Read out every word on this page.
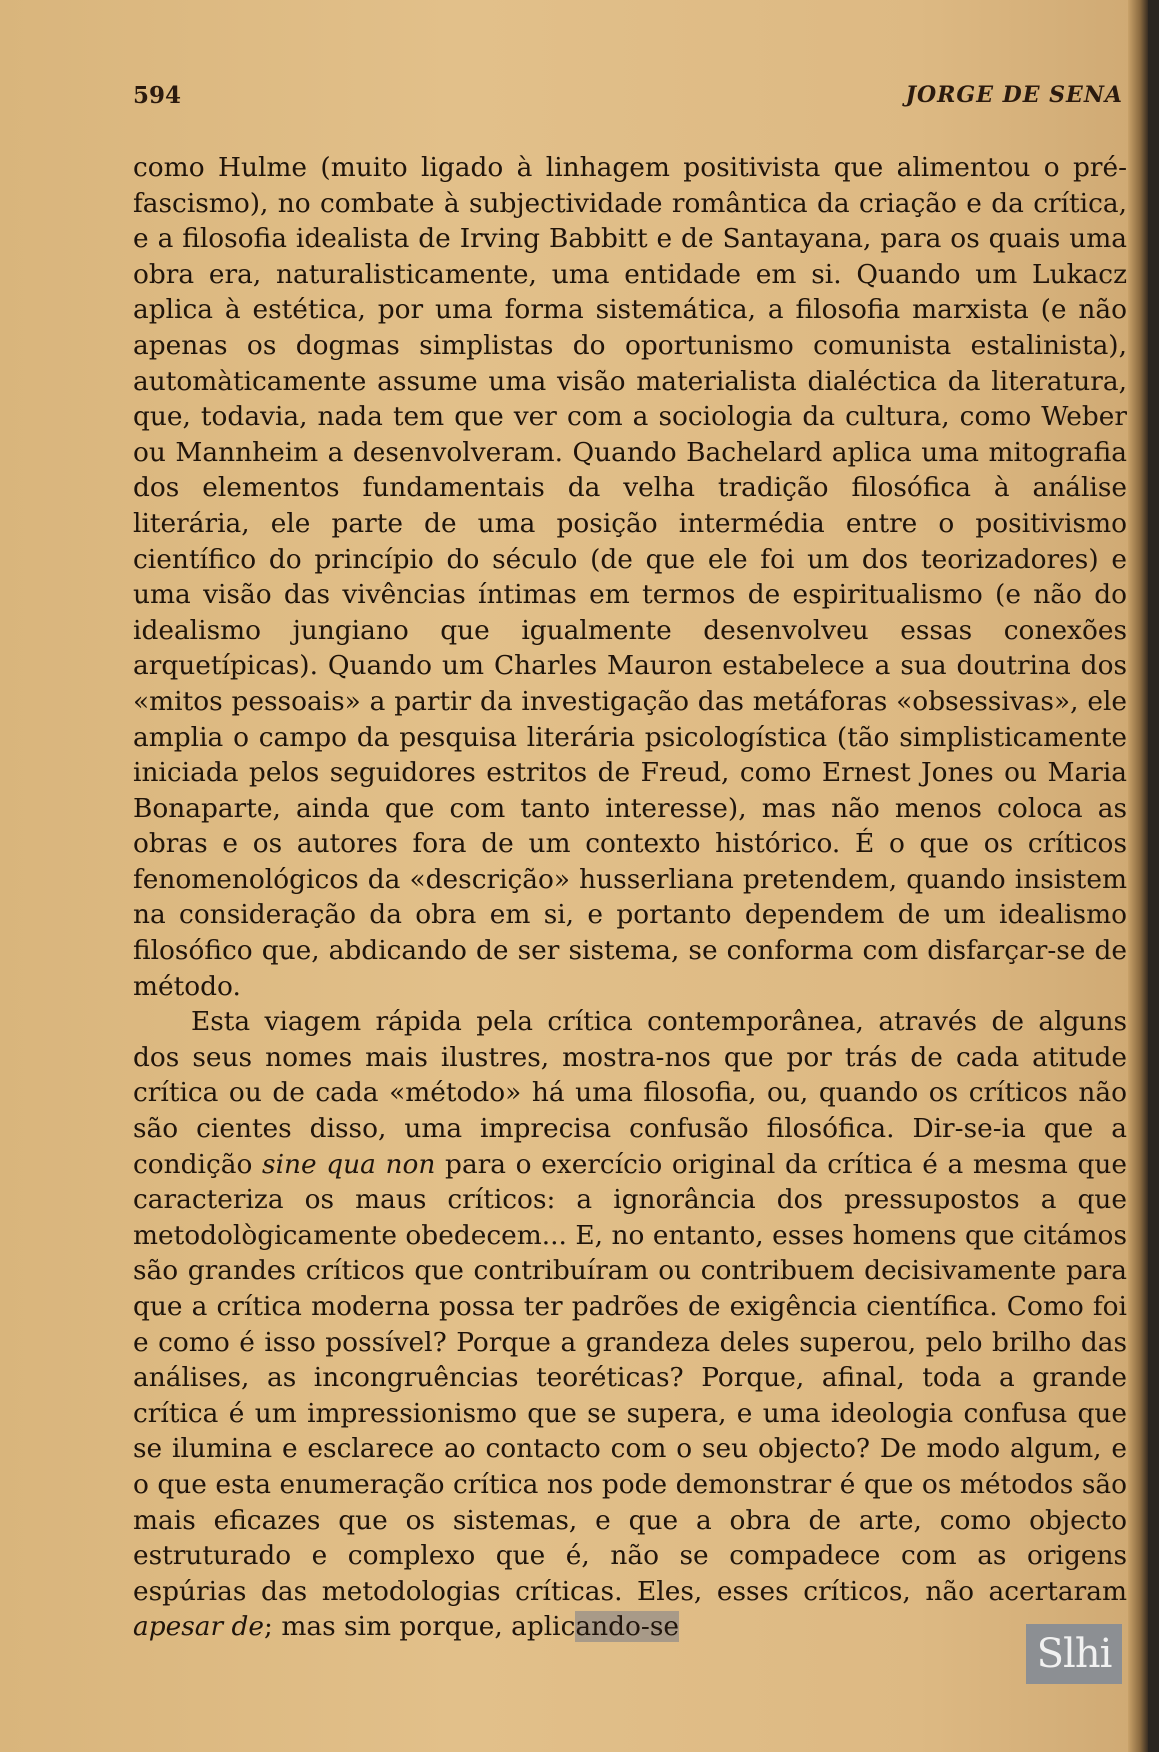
594	JORGE DE SENA

como Hulme (muito ligado à linhagem positivista que alimentou o pré-fascismo), no combate à subjectividade romântica da criação e da crítica, e a filosofia idealista de Irving Babbitt e de Santayana, para os quais uma obra era, naturalisticamente, uma entidade em si. Quando um Lukacz aplica à estética, por uma forma sistemática, a filosofia marxista (e não apenas os dogmas simplistas do oportunismo comunista estalinista), automàticamente assume uma visão materialista dialéctica da literatura, que, todavia, nada tem que ver com a sociologia da cultura, como Weber ou Mannheim a desenvolveram. Quando Bachelard aplica uma mitografia dos elementos fundamentais da velha tradição filosófica à análise literária, ele parte de uma posição intermédia entre o positivismo científico do princípio do século (de que ele foi um dos teorizadores) e uma visão das vivências íntimas em termos de espiritualismo (e não do idealismo jungiano que igualmente desenvolveu essas conexões arquetípicas). Quando um Charles Mauron estabelece a sua doutrina dos «mitos pessoais» a partir da investigação das metáforas «obsessivas», ele amplia o campo da pesquisa literária psicologística (tão simplisticamente iniciada pelos seguidores estritos de Freud, como Ernest Jones ou Maria Bonaparte, ainda que com tanto interesse), mas não menos coloca as obras e os autores fora de um contexto histórico. É o que os críticos fenomenológicos da «descrição» husserliana pretendem, quando insistem na consideração da obra em si, e portanto dependem de um idealismo filosófico que, abdicando de ser sistema, se conforma com disfarçar-se de método.

Esta viagem rápida pela crítica contemporânea, através de alguns dos seus nomes mais ilustres, mostra-nos que por trás de cada atitude crítica ou de cada «método» há uma filosofia, ou, quando os críticos não são cientes disso, uma imprecisa confusão filosófica. Dir-se-ia que a condição sine qua non para o exercício original da crítica é a mesma que caracteriza os maus críticos: a ignorância dos pressupostos a que metodològicamente obedecem... E, no entanto, esses homens que citámos são grandes críticos que contribuíram ou contribuem decisivamente para que a crítica moderna possa ter padrões de exigência científica. Como foi e como é isso possível? Porque a grandeza deles superou, pelo brilho das análises, as incongruências teoréticas? Porque, afinal, toda a grande crítica é um impressionismo que se supera, e uma ideologia confusa que se ilumina e esclarece ao contacto com o seu objecto? De modo algum, e o que esta enumeração crítica nos pode demonstrar é que os métodos são mais eficazes que os sistemas, e que a obra de arte, como objecto estruturado e complexo que é, não se compadece com as origens espúrias das metodologias críticas. Eles, esses críticos, não acertaram apesar de; mas sim porque, aplicando-se

Slhi
